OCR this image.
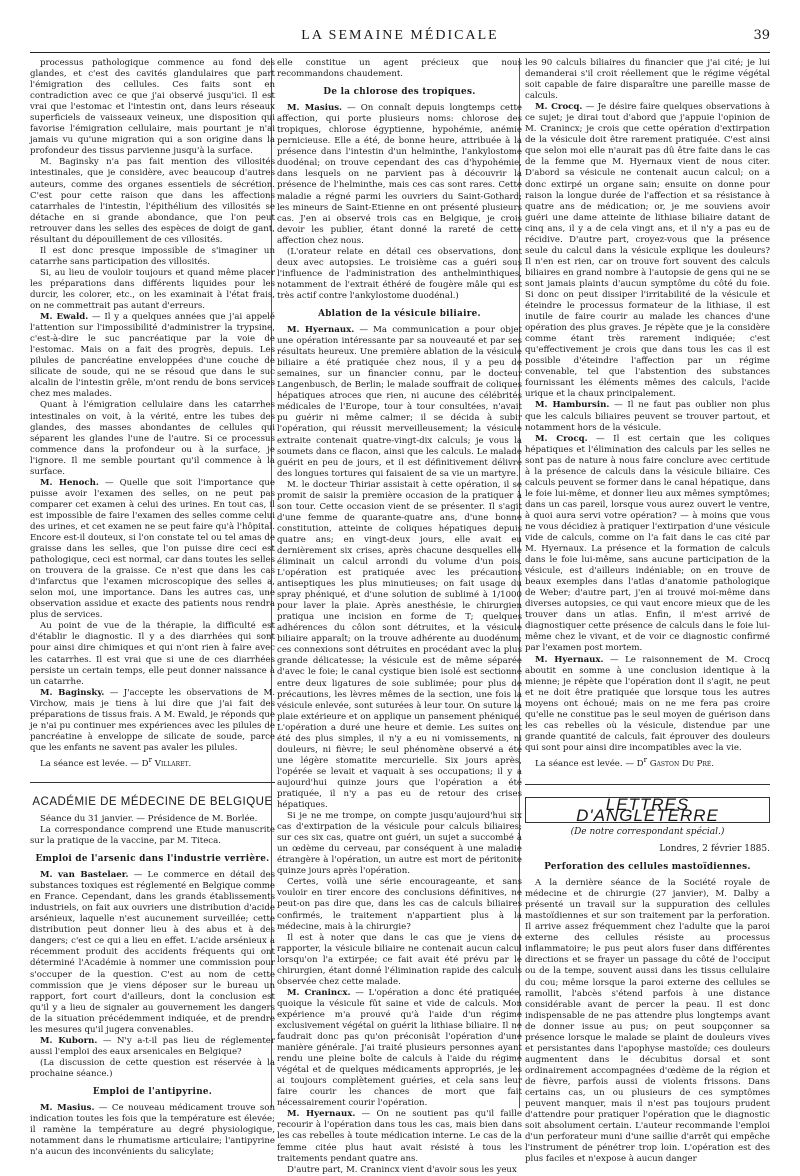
LA SEMAINE MÉDICALE	39

processus pathologique commence au fond des glandes, et c'est des cavités glandulaires que part l'émigration des cellules. Ces faits sont en contradiction avec ce que j'ai observé jusqu'ici. Il est vrai que l'estomac et l'intestin ont, dans leurs réseaux superficiels de vaisseaux veineux, une disposition qui favorise l'émigration cellulaire, mais pourtant je n'ai jamais vu qu'une migration qui a son origine dans la profondeur des tissus parvienne jusqu'à la surface.

M. Baginsky n'a pas fait mention des villosités intestinales, que je considère, avec beaucoup d'autres auteurs, comme des organes essentiels de sécrétion. C'est pour cette raison que dans les affections catarrhales de l'intestin, l'épithélium des villosités se détache en si grande abondance, que l'on peut retrouver dans les selles des espèces de doigt de gant, résultant du dépouillement de ces villosités.

Il est donc presque impossible de s'imaginer un catarrhe sans participation des villosités.

Si, au lieu de vouloir toujours et quand même placer les préparations dans différents liquides pour les durcir, les colorer, etc., on les examinait à l'état frais, on ne commettrait pas autant d'erreurs.

M. Ewald. — Il y a quelques années que j'ai appelé l'attention sur l'impossibilité d'administrer la trypsine, c'est-à-dire le suc pancréatique par la voie de l'estomac. Mais on a fait des progrès, depuis. Les pilules de pancréatine enveloppées d'une couche de silicate de soude, qui ne se résoud que dans le suc alcalin de l'intestin grêle, m'ont rendu de bons services chez mes malades.

Quant à l'émigration cellulaire dans les catarrhes intestinales on voit, à la vérité, entre les tubes des glandes, des masses abondantes de cellules qui séparent les glandes l'une de l'autre. Si ce processus commence dans la profondeur ou à la surface, je l'ignore. Il me semble pourtant qu'il commence à la surface.

M. Henoch. — Quelle que soit l'importance que puisse avoir l'examen des selles, on ne peut pas comparer cet examen à celui des urines. En tout cas, il est impossible de faire l'examen des selles comme celui des urines, et cet examen ne se peut faire qu'à l'hôpital. Encore est-il douteux, si l'on constate tel ou tel amas de graisse dans les selles, que l'on puisse dire ceci est pathologique, ceci est normal, car dans toutes les selles on trouvera de la graisse. Ce n'est que dans les cas d'infarctus que l'examen microscopique des selles a, selon moi, une importance. Dans les autres cas, une observation assidue et exacte des patients nous rendra plus de services.

Au point de vue de la thérapie, la difficulté est d'établir le diagnostic. Il y a des diarrhées qui sont pour ainsi dire chimiques et qui n'ont rien à faire avec les catarrhes. Il est vrai que si une de ces diarrhées persiste un certain temps, elle peut donner naissance à un catarrhe.

M. Baginsky. — J'accepte les observations de M. Virchow, mais je tiens à lui dire que j'ai fait des préparations de tissus frais. A M. Ewald, je réponds que je n'ai pu continuer mes expériences avec les pilules de pancréatine à enveloppe de silicate de soude, parce que les enfants ne savent pas avaler les pilules.

La séance est levée. — $D^r$ Villaret.

ACADÉMIE DE MÉDECINE DE BELGIQUE

Séance du 31 janvier. — Présidence de M. Borlée.

La correspondance comprend une Etude manuscrite sur la pratique de la vaccine, par M. Titeca.

Emploi de l'arsenic dans l'industrie verrière.

M. van Bastelaer. — Le commerce en détail des substances toxiques est réglementé en Belgique comme en France. Cependant, dans les grands établissements industriels, on fait aux ouvriers une distribution d'acide arsénieux, laquelle n'est aucunement surveillée; cette distribution peut donner lieu à des abus et à des dangers; c'est ce qui a lieu en effet. L'acide arsénieux a récemment produit des accidents fréquents qui ont déterminé l'Académie à nommer une commission pour s'occuper de la question. C'est au nom de cette commission que je viens déposer sur le bureau un rapport, fort court d'ailleurs, dont la conclusion est qu'il y a lieu de signaler au gouvernement les dangers de la situation précédemment indiquée, et de prendre les mesures qu'il jugera convenables.

M. Kuborn. — N'y a-t-il pas lieu de réglementer aussi l'emploi des eaux arsenicales en Belgique?

(La discussion de cette question est réservée à la prochaine séance.)

Emploi de l'antipyrine.

M. Masius. — Ce nouveau médicament trouve son indication toutes les fois que la température est élevée; il ramène la température au degré physiologique, notamment dans le rhumatisme articulaire; l'antipyrine n'a aucun des inconvénients du salicylate;

elle constitue un agent précieux que nous recommandons chaudement.

De la chlorose des tropiques.

M. Masius. — On connaît depuis longtemps cette affection, qui porte plusieurs noms: chlorose des tropiques, chlorose égyptienne, hypohémie, anémie pernicieuse. Elle a été, de bonne heure, attribuée à la présence dans l'intestin d'un helminthe, l'ankylostome duodénal; on trouve cependant des cas d'hypohémie, dans lesquels on ne parvient pas à découvrir la présence de l'helminthe, mais ces cas sont rares. Cette maladie a régné parmi les ouvriers du Saint-Gothard; les mineurs de Saint-Etienne en ont présenté plusieurs cas. J'en ai observé trois cas en Belgique, je crois devoir les publier, étant donné la rareté de cette affection chez nous.

(L'orateur relate en détail ces observations, dont deux avec autopsies. Le troisième cas a guéri sous l'influence de l'administration des anthelminthiques, notamment de l'extrait éthéré de fougère mâle qui est très actif contre l'ankylostome duodénal.)

Ablation de la vésicule biliaire.

M. Hyernaux. — Ma communication a pour objet une opération intéressante par sa nouveauté et par ses résultats heureux. Une première ablation de la vésicule biliaire a été pratiquée chez nous, il y a peu de semaines, sur un financier connu, par le docteur Langenbusch, de Berlin; le malade souffrait de coliques hépatiques atroces que rien, ni aucune des célébrités médicales de l'Europe, tour à tour consultées, n'avait pu guérir ni même calmer; il se décida à subir l'opération, qui réussit merveilleusement; la vésicule extraite contenait quatre-vingt-dix calculs; je vous la soumets dans ce flacon, ainsi que les calculs. Le malade guérit en peu de jours, et il est définitivement délivré des longues tortures qui faisaient de sa vie un martyre.

M. le docteur Thiriar assistait à cette opération, il se promit de saisir la première occasion de la pratiquer à son tour. Cette occasion vient de se présenter. Il s'agit d'une femme de quarante-quatre ans, d'une bonne constitution, atteinte de coliques hépatiques depuis quatre ans; en vingt-deux jours, elle avait eu dernièrement six crises, après chacune desquelles elle éliminait un calcul arrondi du volume d'un pois. L'opération est pratiquée avec les précautions antiseptiques les plus minutieuses; on fait usage du spray phéniqué, et d'une solution de sublimé à 1/1000 pour laver la plaie. Après anesthésie, le chirurgien pratiqua une incision en forme de T; quelques adhérences du côlon sont détruites, et la vésicule biliaire apparaît; on la trouve adhérente au duodénum; ces connexions sont détruites en procédant avec la plus grande délicatesse; la vésicule est de même séparée d'avec le foie; le canal cystique bien isolé est sectionné entre deux ligatures de soie sublimée; pour plus de précautions, les lèvres mêmes de la section, une fois la vésicule enlevée, sont suturées à leur tour. On suture la plaie extérieure et on applique un pansement phéniqué. L'opération a duré une heure et demie. Les suites ont été des plus simples, il n'y a eu ni vomissements, ni douleurs, ni fièvre; le seul phénomène observé a été une légère stomatite mercurielle. Six jours après, l'opérée se levait et vaquait à ses occupations; il y a aujourd'hui quinze jours que l'opération a été pratiquée, il n'y a pas eu de retour des crises hépatiques.

Si je ne me trompe, on compte jusqu'aujourd'hui six cas d'extirpation de la vésicule pour calculs biliaires; sur ces six cas, quatre ont guéri, un sujet a succombé à un œdème du cerveau, par conséquent à une maladie étrangère à l'opération, un autre est mort de péritonite quinze jours après l'opération.

Certes, voilà une série encourageante, et sans vouloir en tirer encore des conclusions définitives, ne peut-on pas dire que, dans les cas de calculs biliaires confirmés, le traitement n'appartient plus à la médecine, mais à la chirurgie?

Il est à noter que dans le cas que je viens de rapporter, la vésicule biliaire ne contenait aucun calcul lorsqu'on l'a extirpée; ce fait avait été prévu par le chirurgien, étant donné l'élimination rapide des calculs observée chez cette malade.

M. Cranincx. — L'opération a donc été pratiquée, quoique la vésicule fût saine et vide de calculs. Mon expérience m'a prouvé qu'à l'aide d'un régime exclusivement végétal on guérit la lithiase biliaire. Il ne faudrait donc pas qu'on préconisât l'opération d'une manière générale. J'ai traité plusieurs personnes ayant rendu une pleine boîte de calculs à l'aide du régime végétal et de quelques médicaments appropriés, je les ai toujours complètement guéries, et cela sans leur faire courir les chances de mort que fait nécessairement courir l'opération.

M. Hyernaux. — On ne soutient pas qu'il faille recourir à l'opération dans tous les cas, mais bien dans les cas rebelles à toute médication interne. Le cas de la femme citée plus haut avait résisté à tous les traitements pendant quatre ans.

D'autre part, M. Cranincx vient d'avoir sous les yeux

les 90 calculs biliaires du financier que j'ai cité; je lui demanderai s'il croit réellement que le régime végétal soit capable de faire disparaître une pareille masse de calculs.

M. Crocq. — Je désire faire quelques observations à ce sujet; je dirai tout d'abord que j'appuie l'opinion de M. Cranincx; je crois que cette opération d'extirpation de la vésicule doit être rarement pratiquée. C'est ainsi que selon moi elle n'aurait pas dû être faite dans le cas de la femme que M. Hyernaux vient de nous citer. D'abord sa vésicule ne contenait aucun calcul; on a donc extirpé un organe sain; ensuite on donne pour raison la longue durée de l'affection et sa résistance à quatre ans de médication; or, je me souviens avoir guéri une dame atteinte de lithiase biliaire datant de cinq ans, il y a de cela vingt ans, et il n'y a pas eu de récidive. D'autre part, croyez-vous que la présence seule du calcul dans la vésicule explique les douleurs? Il n'en est rien, car on trouve fort souvent des calculs biliaires en grand nombre à l'autopsie de gens qui ne se sont jamais plaints d'aucun symptôme du côté du foie. Si donc on peut dissiper l'irritabilité de la vésicule et éteindre le processus formateur de la lithiase, il est inutile de faire courir au malade les chances d'une opération des plus graves. Je répète que je la considère comme étant très rarement indiquée; c'est qu'effectivement je crois que dans tous les cas il est possible d'éteindre l'affection par un régime convenable, tel que l'abstention des substances fournissant les éléments mêmes des calculs, l'acide urique et la chaux principalement.

M. Hambursin. — Il ne faut pas oublier non plus que les calculs biliaires peuvent se trouver partout, et notamment hors de la vésicule.

M. Crocq. — Il est certain que les coliques hépatiques et l'élimination des calculs par les selles ne sont pas de nature à nous faire conclure avec certitude à la présence de calculs dans la vésicule biliaire. Ces calculs peuvent se former dans le canal hépatique, dans le foie lui-même, et donner lieu aux mêmes symptômes; dans un cas pareil, lorsque vous aurez ouvert le ventre, à quoi aura servi votre opération? — à moins que vous ne vous décidiez à pratiquer l'extirpation d'une vésicule vide de calculs, comme on l'a fait dans le cas cité par M. Hyernaux. La présence et la formation de calculs dans le foie lui-même, sans aucune participation de la vésicule, est d'ailleurs indéniable; on en trouve de beaux exemples dans l'atlas d'anatomie pathologique de Weber; d'autre part, j'en ai trouvé moi-même dans diverses autopsies, ce qui vaut encore mieux que de les trouver dans un atlas. Enfin, il m'est arrivé de diagnostiquer cette présence de calculs dans le foie lui-même chez le vivant, et de voir ce diagnostic confirmé par l'examen post mortem.

M. Hyernaux. — Le raisonnement de M. Crocq aboutit en somme à une conclusion identique à la mienne; je répète que l'opération dont il s'agit, ne peut et ne doit être pratiquée que lorsque tous les autres moyens ont échoué; mais on ne me fera pas croire qu'elle ne constitue pas le seul moyen de guérison dans les cas rebelles où la vésicule, distendue par une grande quantité de calculs, fait éprouver des douleurs qui sont pour ainsi dire incompatibles avec la vie.

La séance est levée. — $D^r$ Gaston Du Pré.

LETTRES D'ANGLETERRE
(De notre correspondant spécial.)
Londres, 2 février 1885.
Perforation des cellules mastoïdiennes.

A la dernière séance de la Société royale de médecine et de chirurgie (27 janvier), M. Dalby a présenté un travail sur la suppuration des cellules mastoïdiennes et sur son traitement par la perforation. Il arrive assez fréquemment chez l'adulte que la paroi externe des cellules résiste au processus inflammatoire; le pus peut alors fuser dans différentes directions et se frayer un passage du côté de l'occiput ou de la tempe, souvent aussi dans les tissus cellulaire du cou; même lorsque la paroi externe des cellules se ramollit, l'abcès s'étend parfois à une distance considérable avant de percer la peau. Il est donc indispensable de ne pas attendre plus longtemps avant de donner issue au pus; on peut soupçonner sa présence lorsque le malade se plaint de douleurs vives et persistantes dans l'apophyse mastoïde; ces douleurs augmentent dans le décubitus dorsal et sont ordinairement accompagnées d'œdème de la région et de fièvre, parfois aussi de violents frissons. Dans certains cas, un ou plusieurs de ces symptômes peuvent manquer, mais il n'est pas toujours prudent d'attendre pour pratiquer l'opération que le diagnostic soit absolument certain. L'auteur recommande l'emploi d'un perforateur muni d'une saillie d'arrêt qui empêche l'instrument de pénétrer trop loin. L'opération est des plus faciles et n'expose à aucun danger
